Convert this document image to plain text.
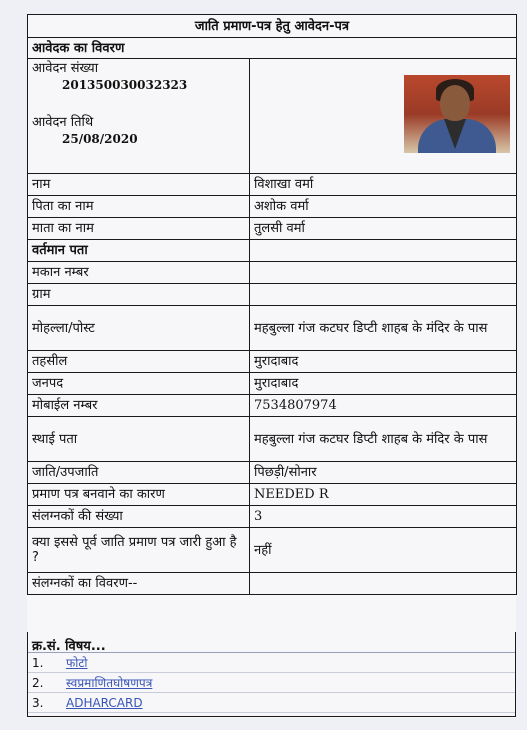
जाति प्रमाण-पत्र हेतु आवेदन-पत्र	
आवेदक का विवरण	

आवेदन संख्या
201350030032323
आवेदन तिथि
25/08/2020	

नाम	विशाखा वर्मा
पिता का नाम	अशोक वर्मा
माता का नाम	तुलसी वर्मा
वर्तमान पता	
मकान नम्बर	
ग्राम	
मोहल्ला/पोस्ट	महबुल्ला गंज कटघर डिप्टी शाहब के मंदिर के पास
तहसील	मुरादाबाद
जनपद	मुरादाबाद
मोबाईल नम्बर	7534807974
स्थाई पता	महबुल्ला गंज कटघर डिप्टी शाहब के मंदिर के पास
जाति/उपजाति	पिछड़ी/सोनार
प्रमाण पत्र बनवाने का कारण	NEEDED R
संलग्नकों की संख्या	3
क्या इससे पूर्व जाति प्रमाण पत्र जारी हुआ है ?	नहीं
संलग्नकों का विवरण--	
क्र.सं. विषय...
1.	फोटो
2.	स्वप्रमाणितघोषणपत्र
3.	ADHARCARD
